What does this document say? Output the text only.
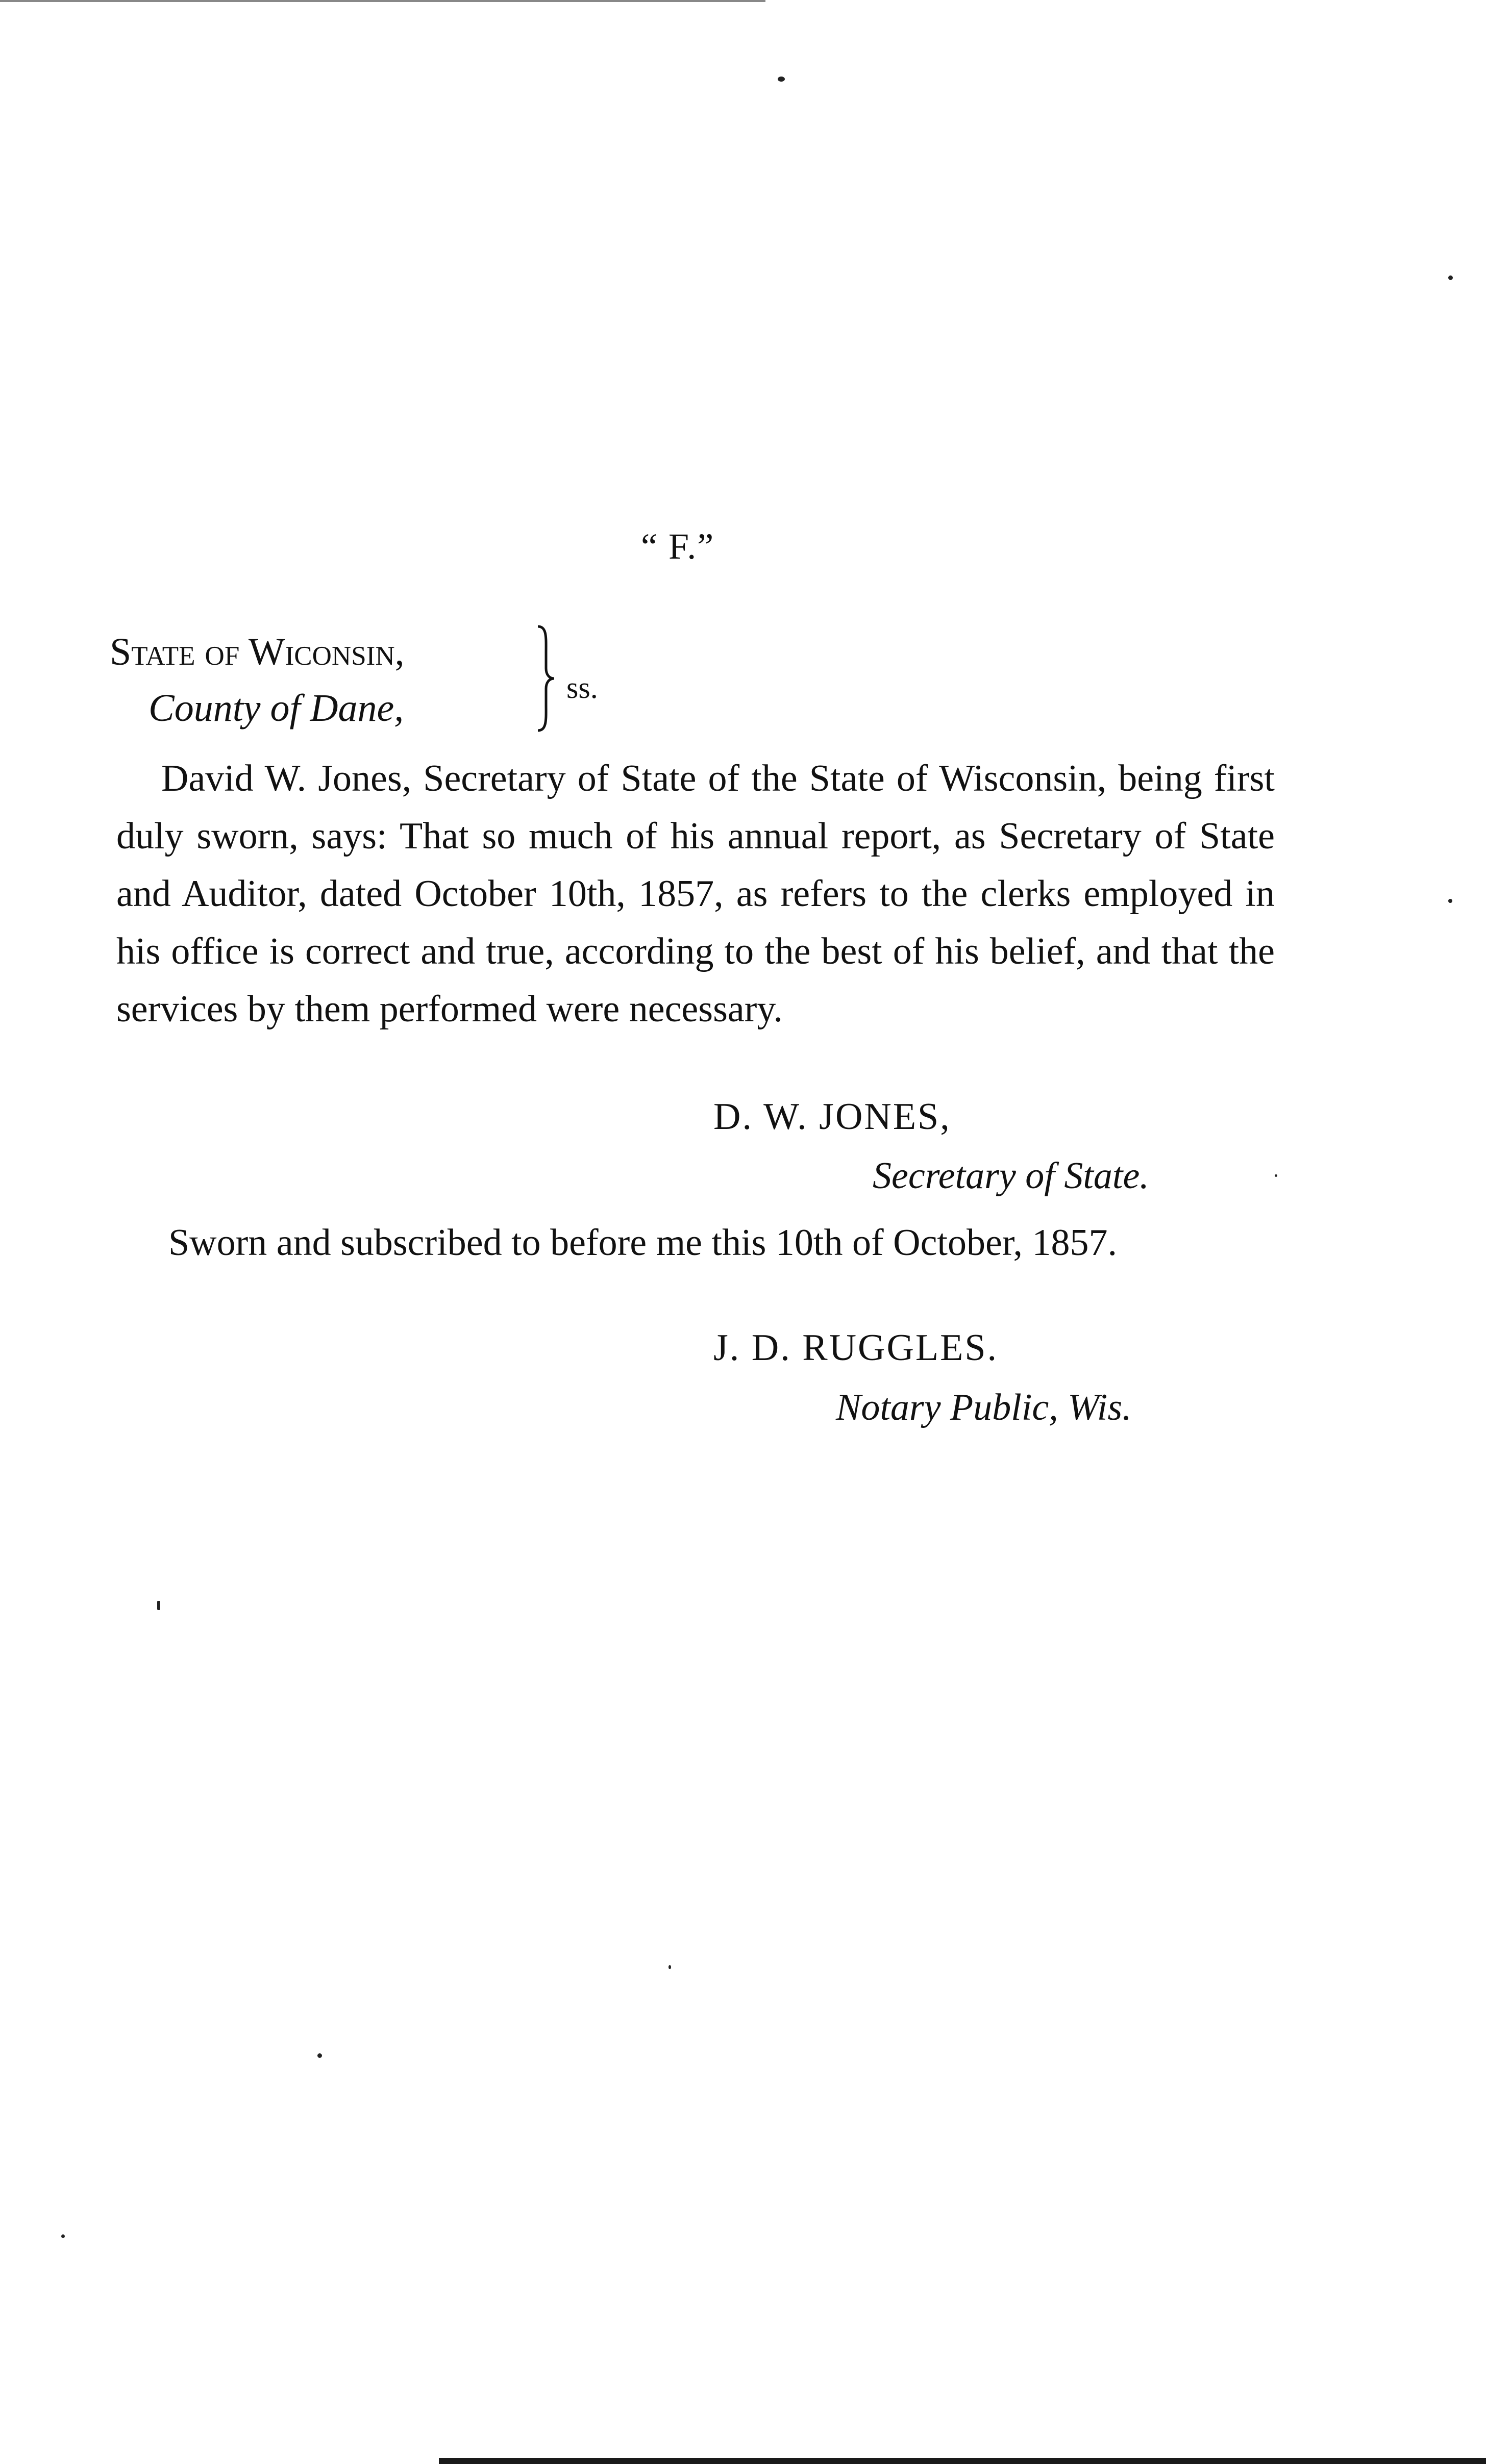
“ F.”
State of Wiconsin,
County of Dane,	ss.

David W. Jones, Secretary of State of the State of Wisconsin, being first duly sworn, says: That so much of his annual report, as Secretary of State and Auditor, dated October 10th, 1857, as refers to the clerks employed in his office is correct and true, according to the best of his belief, and that the services by them performed were necessary.

D. W. JONES,
Secretary of State.

Sworn and subscribed to before me this 10th of October, 1857.

J. D. RUGGLES.
Notary Public, Wis.
